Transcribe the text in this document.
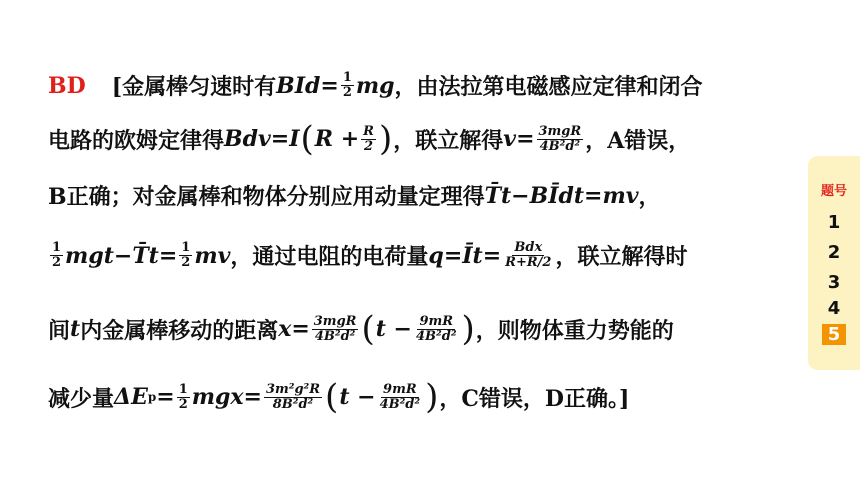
BD [金属棒匀速时有 BId = $\frac{1}{2}$ mg ，由法拉第电磁感应定律和闭合
电路的欧姆定律得 Bdv = I ( $R + \frac{R}{2}$ ) ，联立解得 $v = \frac{\text{3mgR}}{\text{4B²d²}}$ ，A错误，
B正确；对金属棒和物体分别应用动量定理得 T̄t − BĪdt = mv ，
$\frac{1}{2}$ mgt − T̄t = $\frac{1}{2}$ mv ，通过电阻的电荷量 q = Īt = $\frac{\text{Bdx}}{R+R/2}$ ，联立解得时
间 t 内金属棒移动的距离 $x = \frac{\text{3mgR}}{\text{4B²d²}}$ ( $t - \frac{9mR}{\text{4B²d²}}$ ) ，则物体重力势能的
减少量 ΔE $p = \frac{1}{2}$ mgx = $\frac{\text{3m²g²R}}{\text{8B²d²}}$ ( $t - \frac{9mR}{\text{4B²d²}}$ ) ，C错误，D正确。]
题号
1
2
3
4
5
